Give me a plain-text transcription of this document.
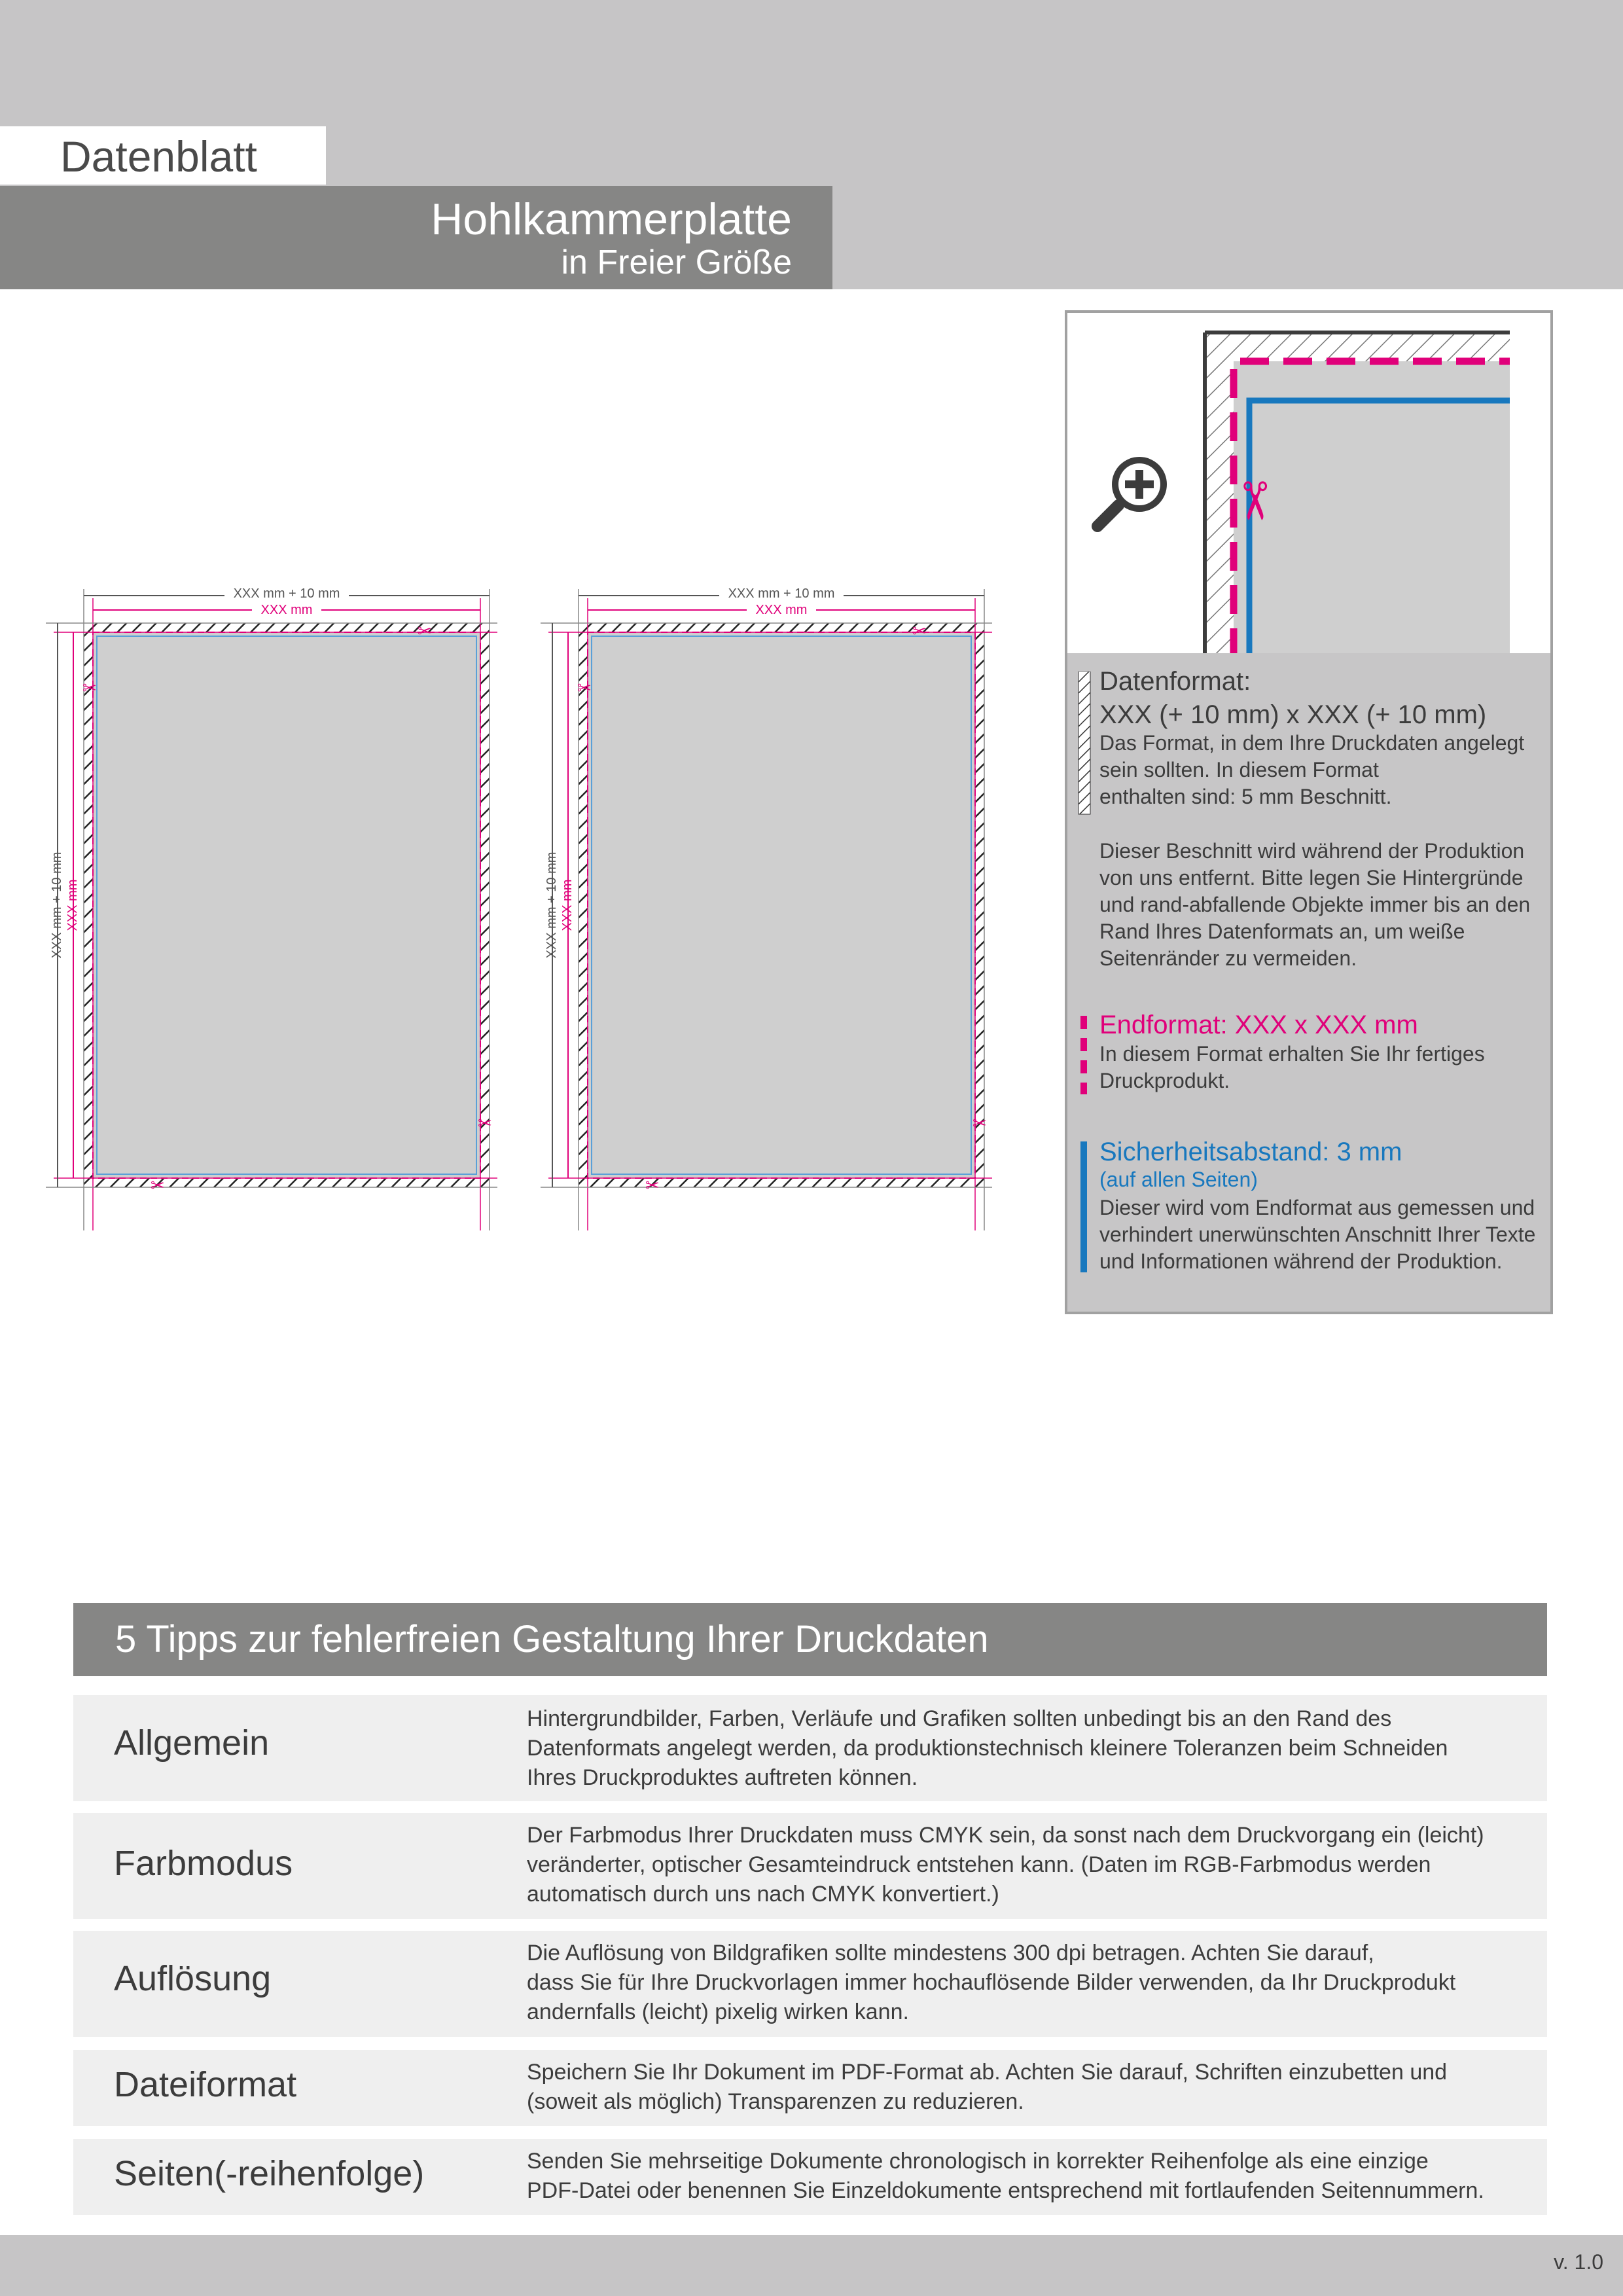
Datenblatt
Hohlkammerplatte
in Freier Größe
XXX mm + 10 mm
XXX mm
XXX mm + 10 mm XXX mm
✂
✂
✂
✂
XXX mm + 10 mm
XXX mm
XXX mm + 10 mm XXX mm
✂
✂
✂
✂
✂
Datenformat:
XXX (+ 10 mm) x XXX (+ 10 mm)
Das Format, in dem Ihre Druckdaten angelegt
sein sollten. In diesem Format
enthalten sind: 5 mm Beschnitt.
Dieser Beschnitt wird während der Produktion
von uns entfernt. Bitte legen Sie Hintergründe
und rand-abfallende Objekte immer bis an den
Rand Ihres Datenformats an, um weiße
Seitenränder zu vermeiden.
Endformat: XXX x XXX mm
In diesem Format erhalten Sie Ihr fertiges
Druckprodukt.
Sicherheitsabstand: 3 mm
(auf allen Seiten)
Dieser wird vom Endformat aus gemessen und
verhindert unerwünschten Anschnitt Ihrer Texte
und Informationen während der Produktion.
5 Tipps zur fehlerfreien Gestaltung Ihrer Druckdaten
Allgemein
Hintergrundbilder, Farben, Verläufe und Grafiken sollten unbedingt bis an den Rand des
Datenformats angelegt werden, da produktionstechnisch kleinere Toleranzen beim Schneiden
Ihres Druckproduktes auftreten können.
Farbmodus
Der Farbmodus Ihrer Druckdaten muss CMYK sein, da sonst nach dem Druckvorgang ein (leicht)
veränderter, optischer Gesamteindruck entstehen kann. (Daten im RGB-Farbmodus werden
automatisch durch uns nach CMYK konvertiert.)
Auflösung
Die Auflösung von Bildgrafiken sollte mindestens 300 dpi betragen. Achten Sie darauf,
dass Sie für Ihre Druckvorlagen immer hochauflösende Bilder verwenden, da Ihr Druckprodukt
andernfalls (leicht) pixelig wirken kann.
Dateiformat	Speichern Sie Ihr Dokument im PDF-Format ab. Achten Sie darauf, Schriften einzubetten und
(soweit als möglich) Transparenzen zu reduzieren.
Seiten(-reihenfolge)	Senden Sie mehrseitige Dokumente chronologisch in korrekter Reihenfolge als eine einzige
PDF-Datei oder benennen Sie Einzeldokumente entsprechend mit fortlaufenden Seitennummern.
v. 1.0
